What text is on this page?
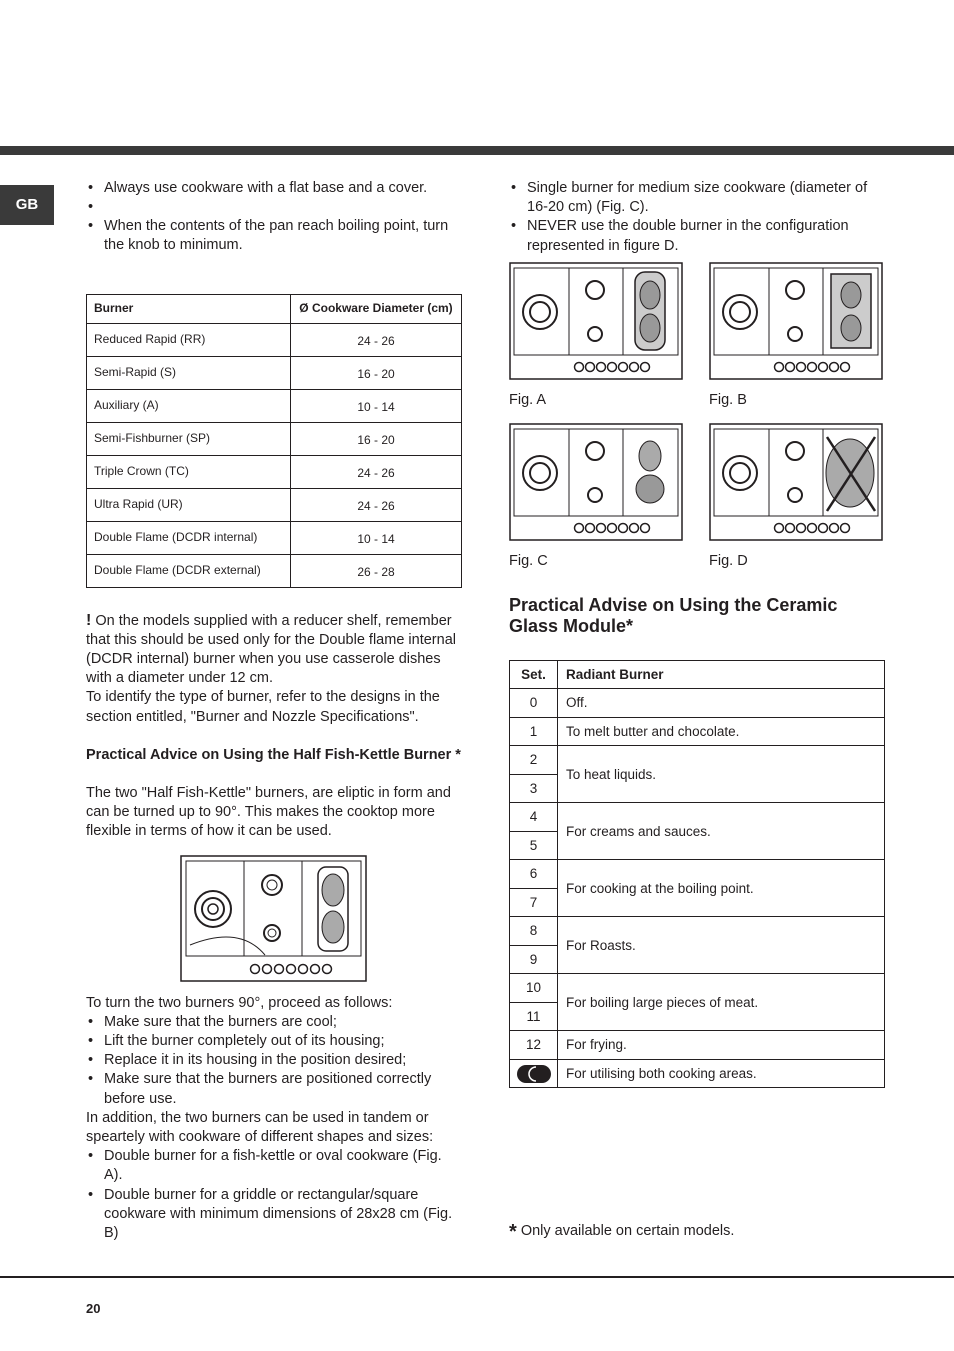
GB
• Always use cookware with a flat base and a cover.
•
• When the contents of the pan reach boiling point, turn the knob to minimum.
Burner	Ø Cookware Diameter (cm)
Reduced Rapid (RR)	24 - 26
Semi-Rapid (S)	16 - 20
Auxiliary (A)	10 - 14
Semi-Fishburner (SP)	16 - 20
Triple Crown (TC)	24 - 26
Ultra Rapid (UR)	24 - 26
Double Flame (DCDR internal)	10 - 14
Double Flame (DCDR external)	26 - 28

! On the models supplied with a reducer shelf, remember that this should be used only for the Double flame internal (DCDR internal) burner when you use casserole dishes with a diameter under 12 cm.

To identify the type of burner, refer to the designs in the section entitled, "Burner and Nozzle Specifications".

Practical Advice on Using the Half Fish-Kettle Burner *

The two "Half Fish-Kettle" burners, are eliptic in form and can be turned up to 90°. This makes the cooktop more flexible in terms of how it can be used.

To turn the two burners 90°, proceed as follows:

• Make sure that the burners are cool;
• Lift the burner completely out of its housing;
• Replace it in its housing in the position desired;
• Make sure that the burners are positioned correctly before use.

In addition, the two burners can be used in tandem or speartely with cookware of different shapes and sizes:

• Double burner for a fish-kettle or oval cookware (Fig. A).
• Double burner for a griddle or rectangular/square cookware with minimum dimensions of 28x28 cm (Fig. B)
• Single burner for medium size cookware (diameter of 16-20 cm) (Fig. C).
• NEVER use the double burner in the configuration represented in figure D.
Fig. A	Fig. B
Fig. C	Fig. D
Practical Advise on Using the Ceramic Glass Module*
Set.	Radiant Burner
0	Off.
1	To melt butter and chocolate.
2	To heat liquids.
3	
4	For creams and sauces.
5	
6	For cooking at the boiling point.
7	
8	For Roasts.
9	
10	For boiling large pieces of meat.
11	
12	For frying.

	For utilising both cooking areas.
* Only available on certain models.
20
